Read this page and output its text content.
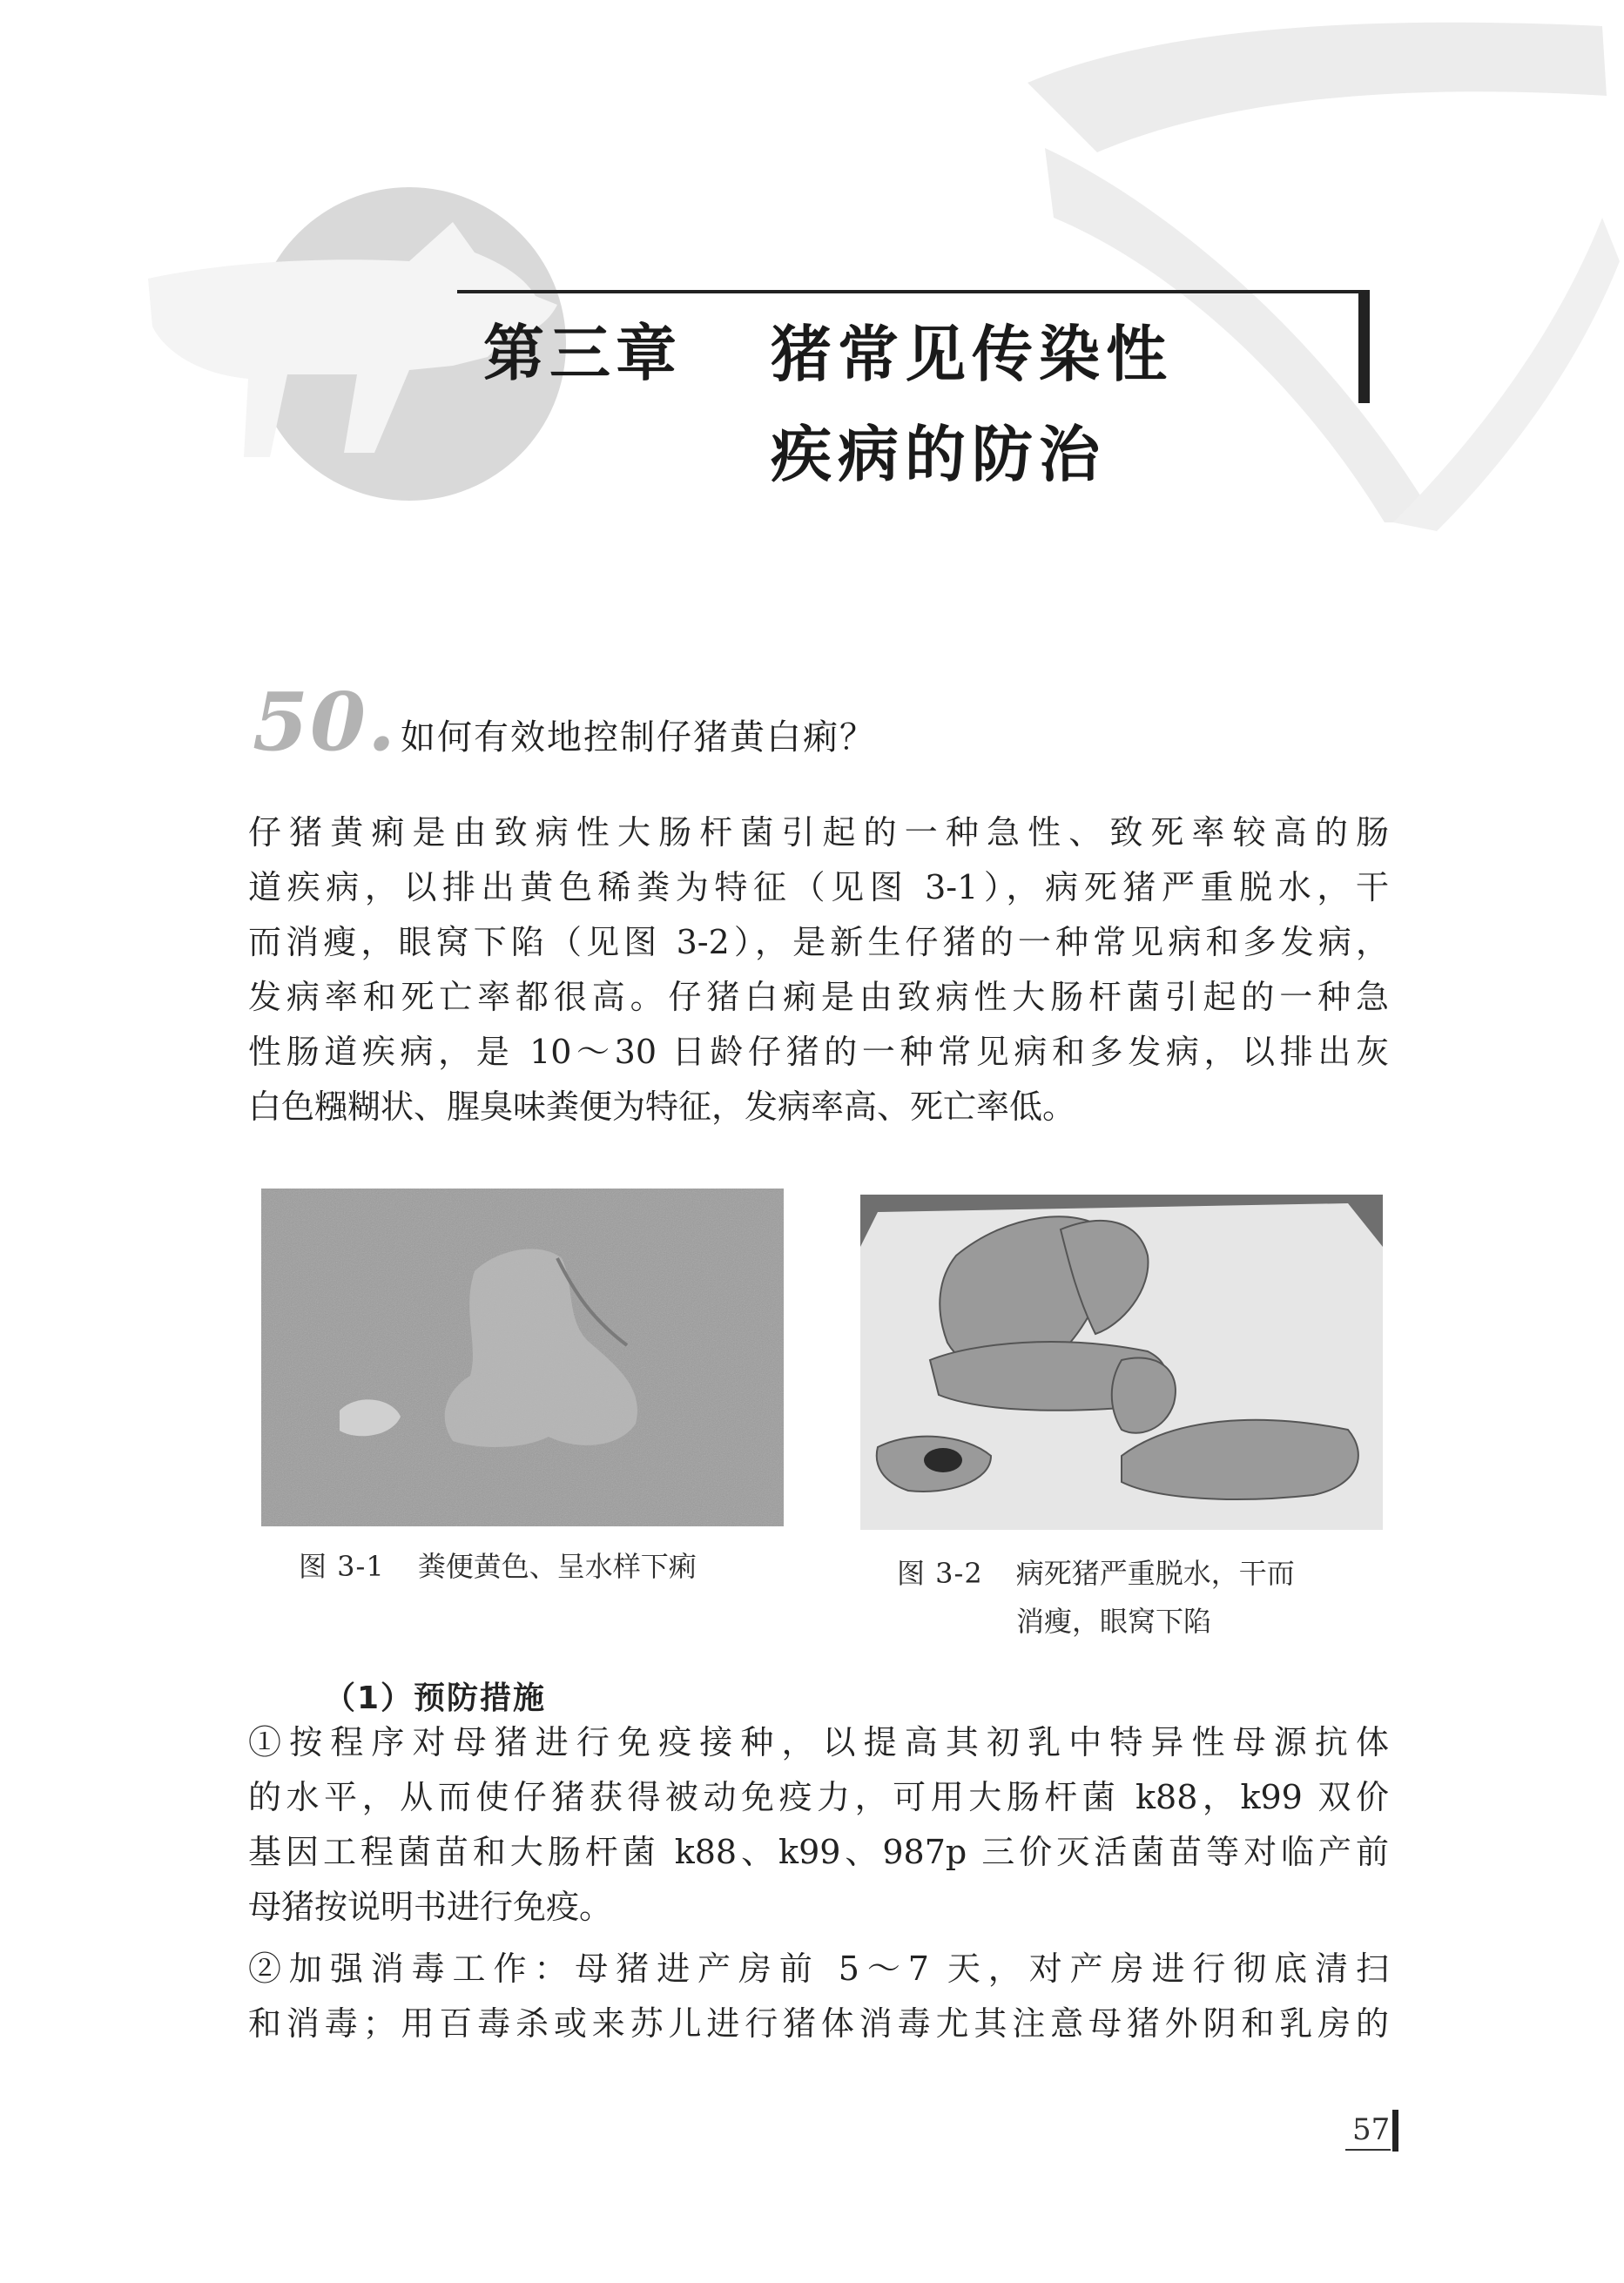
第三章 猪常见传染性
疾病的防治
50. 如何有效地控制仔猪黄白痢？
仔猪黄痢是由致病性大肠杆菌引起的一种急性、致死率较高的肠
道疾病，以排出黄色稀粪为特征（见图 3-1），病死猪严重脱水，干
而消瘦，眼窝下陷（见图 3-2），是新生仔猪的一种常见病和多发病，
发病率和死亡率都很高。仔猪白痢是由致病性大肠杆菌引起的一种急
性肠道疾病，是 10～30 日龄仔猪的一种常见病和多发病，以排出灰
白色糨糊状、腥臭味粪便为特征，发病率高、死亡率低。
图 3-1 粪便黄色、呈水样下痢	图 3-2 病死猪严重脱水，干而
消瘦，眼窝下陷
（1）预防措施
①按程序对母猪进行免疫接种，以提高其初乳中特异性母源抗体
的水平，从而使仔猪获得被动免疫力，可用大肠杆菌 k88，k99 双价
基因工程菌苗和大肠杆菌 k88、k99、987p 三价灭活菌苗等对临产前
母猪按说明书进行免疫。
②加强消毒工作：母猪进产房前 5～7 天，对产房进行彻底清扫
和消毒；用百毒杀或来苏儿进行猪体消毒尤其注意母猪外阴和乳房的
57
